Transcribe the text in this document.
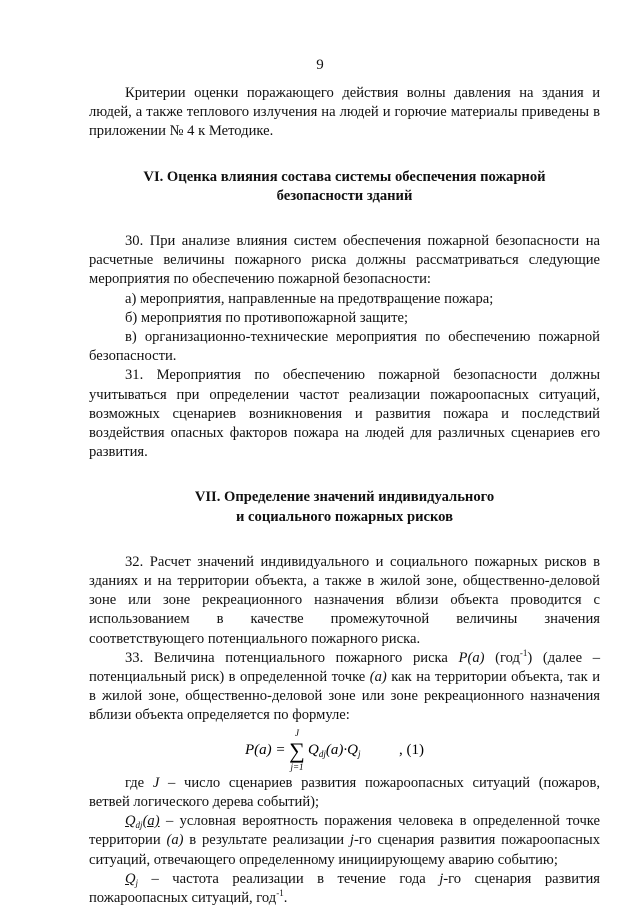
9

Критерии оценки поражающего действия волны давления на здания и людей, а также теплового излучения на людей и горючие материалы приведены в приложении № 4 к Методике.

VI. Оценка влияния состава системы обеспечения пожарной безопасности зданий

30. При анализе влияния систем обеспечения пожарной безопасности на расчетные величины пожарного риска должны рассматриваться следующие мероприятия по обеспечению пожарной безопасности:

а) мероприятия, направленные на предотвращение пожара;

б) мероприятия по противопожарной защите;

в) организационно-технические мероприятия по обеспечению пожарной безопасности.

31. Мероприятия по обеспечению пожарной безопасности должны учитываться при определении частот реализации пожароопасных ситуаций, возможных сценариев возникновения и развития пожара и последствий воздействия опасных факторов пожара на людей для различных сценариев его развития.

VII. Определение значений индивидуального

и социального пожарных рисков

32. Расчет значений индивидуального и социального пожарных рисков в зданиях и на территории объекта, а также в жилой зоне, общественно-деловой зоне или зоне рекреационного назначения вблизи объекта проводится с использованием в качестве промежуточной величины значения соответствующего потенциального пожарного риска.

33. Величина потенциального пожарного риска P(a) (год$^{-1}$) (далее – потенциальный риск) в определенной точке (a) как на территории объекта, так и в жилой зоне, общественно-деловой зоне или зоне рекреационного назначения вблизи объекта определяется по формуле:

P(a) =
J
∑
j=1
$Q_{dj}(a)\cdot Q_j$	, (1)

где J – число сценариев развития пожароопасных ситуаций (пожаров, ветвей логического дерева событий);

$Q_{dj}(a)$ – условная вероятность поражения человека в определенной точке территории (a) в результате реализации j-го сценария развития пожароопасных ситуаций, отвечающего определенному инициирующему аварию событию;

$Q_j$ – частота реализации в течение года j-го сценария развития пожароопасных ситуаций, год$^{-1}$.
